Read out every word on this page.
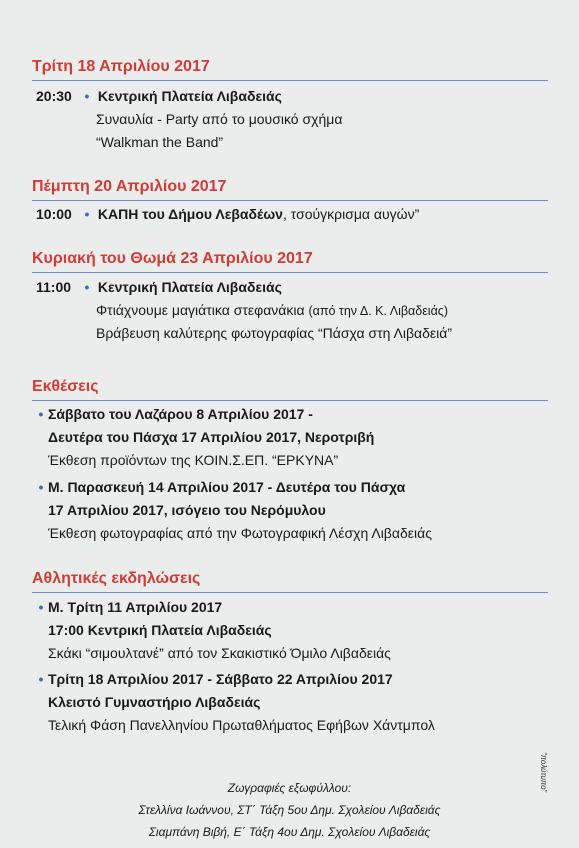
Τρίτη 18 Απριλίου 2017
20:30 • Κεντρική Πλατεία Λιβαδειάς
Συναυλία - Party από το μουσικό σχήμα
“Walkman the Band”
Πέμπτη 20 Απριλίου 2017
10:00 • ΚΑΠΗ του Δήμου Λεβαδέων, τσούγκρισμα αυγών”
Κυριακή του Θωμά 23 Απριλίου 2017
11:00 • Κεντρική Πλατεία Λιβαδειάς
Φτιάχνουμε μαγιάτικα στεφανάκια (από την Δ. Κ. Λιβαδειάς)
Βράβευση καλύτερης φωτογραφίας “Πάσχα στη Λιβαδειά”
Εκθέσεις
• Σάββατο του Λαζάρου 8 Απριλίου 2017 -
Δευτέρα του Πάσχα 17 Απριλίου 2017, Νεροτριβή
Έκθεση προϊόντων της ΚΟΙΝ.Σ.ΕΠ. “ΕΡΚΥΝΑ”
• Μ. Παρασκευή 14 Απριλίου 2017 - Δευτέρα του Πάσχα
17 Απριλίου 2017, ισόγειο του Νερόμυλου
Έκθεση φωτογραφίας από την Φωτογραφική Λέσχη Λιβαδειάς
Αθλητικές εκδηλώσεις
• Μ. Τρίτη 11 Απριλίου 2017
17:00 Κεντρική Πλατεία Λιβαδειάς
Σκάκι “σιμουλτανέ” από τον Σκακιστικό Όμιλο Λιβαδειάς
• Τρίτη 18 Απριλίου 2017 - Σάββατο 22 Απριλίου 2017
Κλειστό Γυμναστήριο Λιβαδειάς
Τελική Φάση Πανελληνίου Πρωταθλήματος Εφήβων Χάντμπολ
Ζωγραφιές εξωφύλλου:
Στελλίνα Ιωάννου, ΣΤ΄ Τάξη 5ου Δημ. Σχολείου Λιβαδειάς
Σιαμπάνη Βιβή, Ε΄ Τάξη 4ου Δημ. Σχολείου Λιβαδειάς
“πολύτυπο”
